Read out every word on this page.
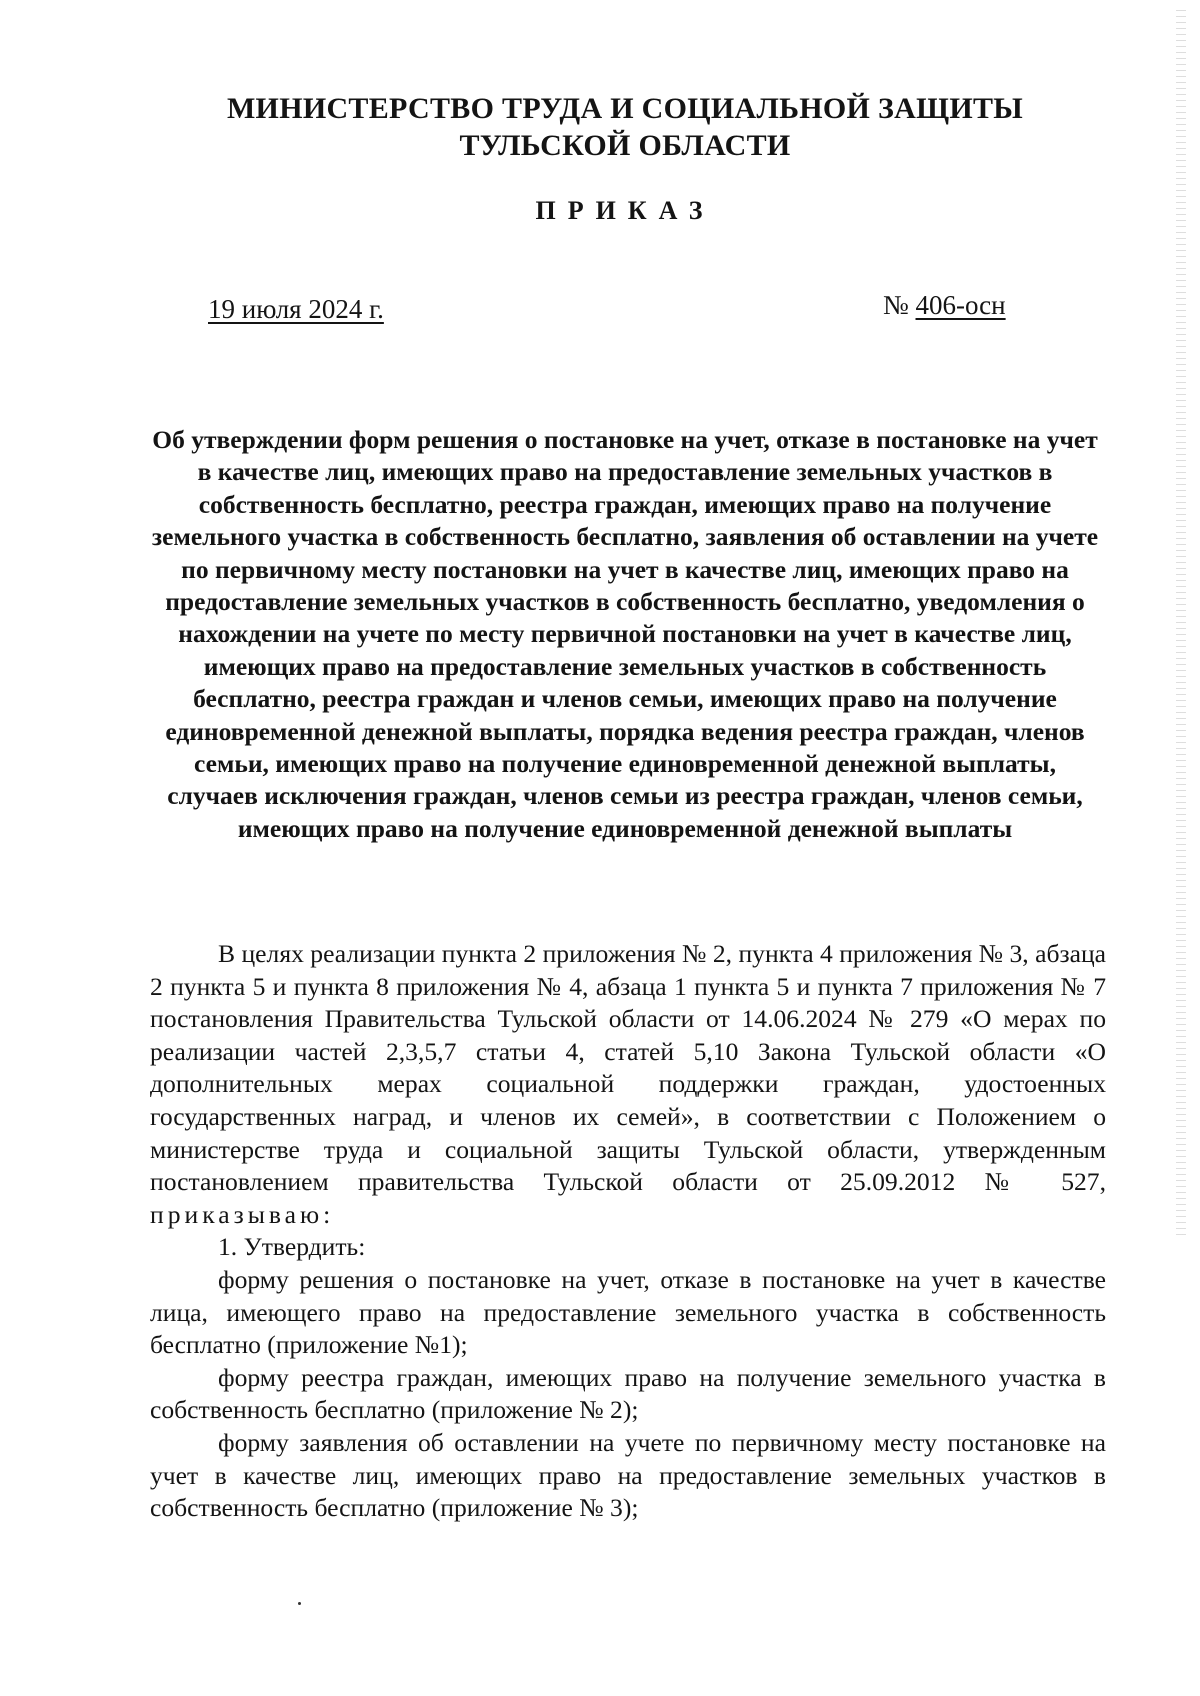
МИНИСТЕРСТВО ТРУДА И СОЦИАЛЬНОЙ ЗАЩИТЫ
ТУЛЬСКОЙ ОБЛАСТИ
ПРИКАЗ
19 июля 2024 г.	№ 406-осн
Об утверждении форм решения о постановке на учет, отказе в постановке на учет в качестве лиц, имеющих право на предоставление земельных участков в собственность бесплатно, реестра граждан, имеющих право на получение земельного участка в собственность бесплатно, заявления об оставлении на учете по первичному месту постановки на учет в качестве лиц, имеющих право на предоставление земельных участков в собственность бесплатно, уведомления о нахождении на учете по месту первичной постановки на учет в качестве лиц, имеющих право на предоставление земельных участков в собственность бесплатно, реестра граждан и членов семьи, имеющих право на получение единовременной денежной выплаты, порядка ведения реестра граждан, членов семьи, имеющих право на получение единовременной денежной выплаты, случаев исключения граждан, членов семьи из реестра граждан, членов семьи, имеющих право на получение единовременной денежной выплаты

В целях реализации пункта 2 приложения № 2, пункта 4 приложения № 3, абзаца 2 пункта 5 и пункта 8 приложения № 4, абзаца 1 пункта 5 и пункта 7 приложения № 7 постановления Правительства Тульской области от 14.06.2024 № 279 «О мерах по реализации частей 2,3,5,7 статьи 4, статей 5,10 Закона Тульской области «О дополнительных мерах социальной поддержки граждан, удостоенных государственных наград, и членов их семей», в соответствии с Положением о министерстве труда и социальной защиты Тульской области, утвержденным постановлением правительства Тульской области от 25.09.2012 № 527, приказываю:

1. Утвердить:

форму решения о постановке на учет, отказе в постановке на учет в качестве лица, имеющего право на предоставление земельного участка в собственность бесплатно (приложение №1);

форму реестра граждан, имеющих право на получение земельного участка в собственность бесплатно (приложение № 2);

форму заявления об оставлении на учете по первичному месту постановке на учет в качестве лиц, имеющих право на предоставление земельных участков в собственность бесплатно (приложение № 3);
